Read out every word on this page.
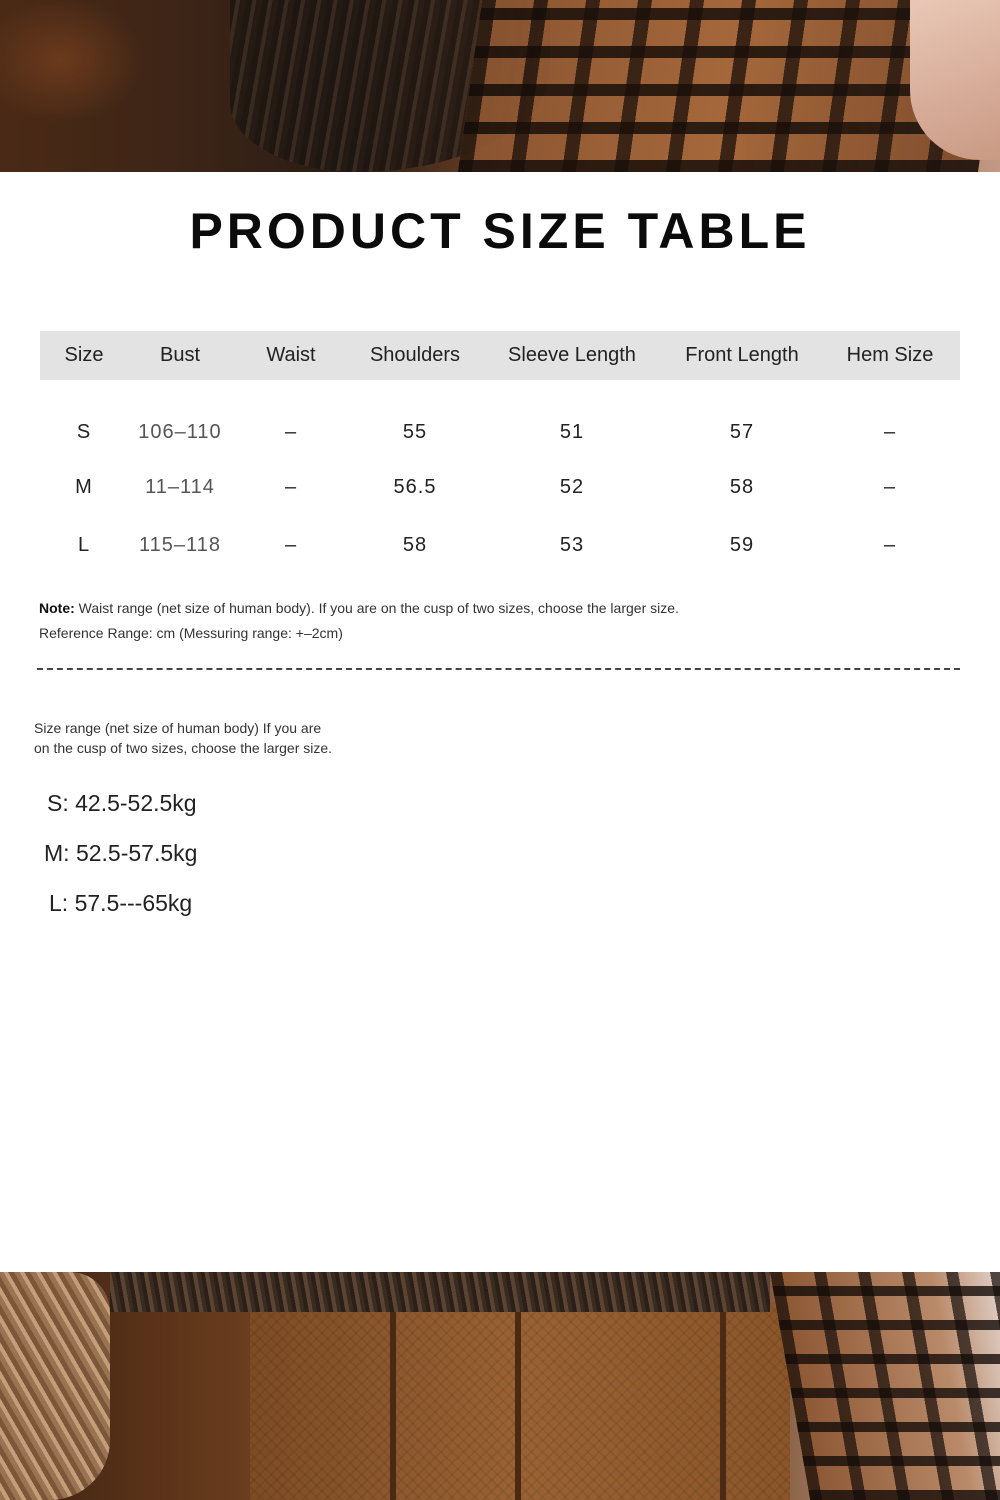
PRODUCT SIZE TABLE
Size	Bust	Waist	Shoulders	Sleeve Length	Front Length	Hem Size
S	106–110	–	55	51	57	–
M	11–114	–	56.5	52	58	–
L	115–118	–	58	53	59	–
Note: Waist range (net size of human body). If you are on the cusp of two sizes, choose the larger size.
Reference Range: cm (Messuring range: +–2cm)
Size range (net size of human body) If you are
on the cusp of two sizes, choose the larger size.
S: 42.5-52.5kg
M: 52.5-57.5kg
L: 57.5---65kg
